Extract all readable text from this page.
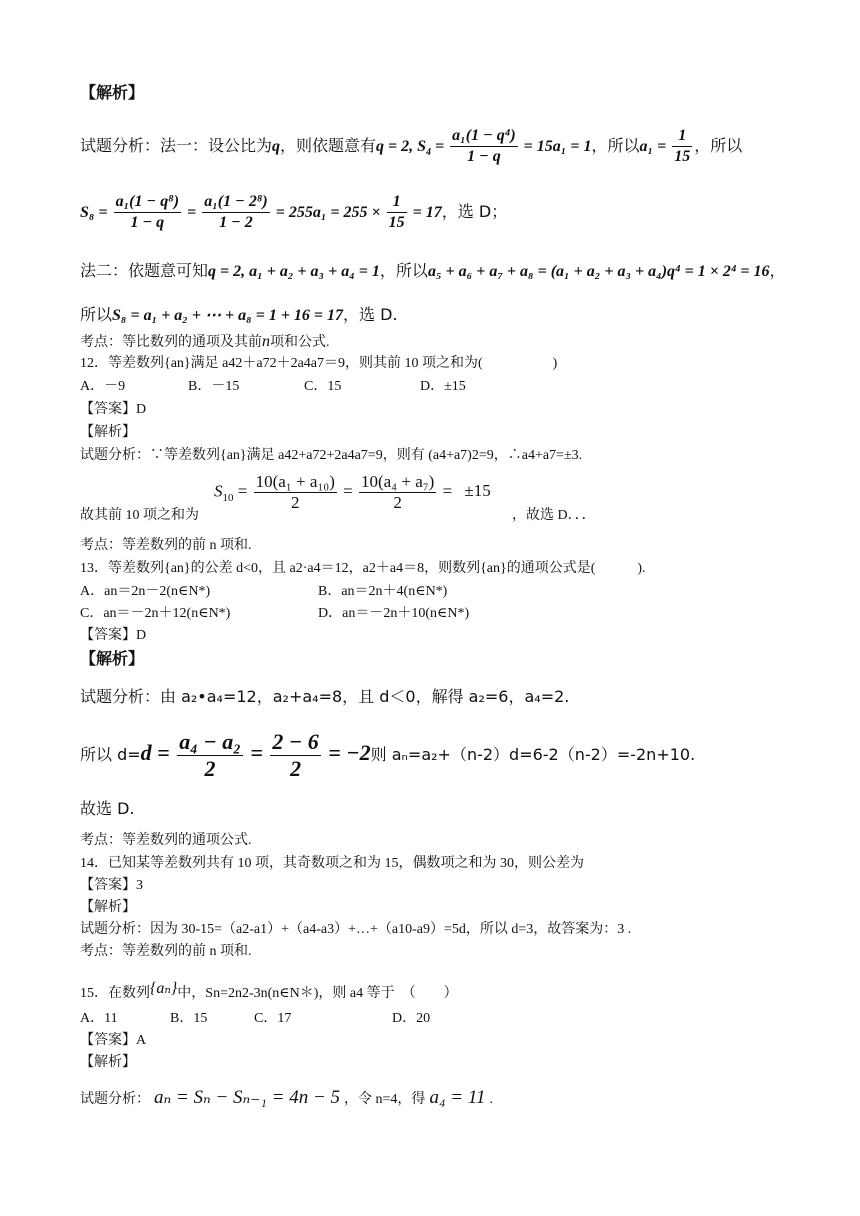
【解析】
试题分析：法一：设公比为q，则依题意有q = 2, $S_4 = \frac{\text{a₁(1 − q⁴)}}{1 - q} = 15a_1 = 1$，所以$a_1 = \frac{1}{15}$ ，所以
$S_8 = \frac{\text{a₁(1 − q⁸)}}{1 - q} = \frac{\text{a₁(1 − 2⁸)}}{1 - 2} = 255a_1 = 255 \times \frac{1}{15} = 17$，选 D；
法二：依题意可知q = 2, a₁ + a₂ + a₃ + a₄ = 1，所以a₅ + a₆ + a₇ + a₈ = (a₁ + a₂ + a₃ + a₄)q⁴ = 1 × 2⁴ = 16，
所以S₈ = a₁ + a₂ + ⋯ + a₈ = 1 + 16 = 17，选 D.
考点：等比数列的通项及其前n项和公式.
12．等差数列{an}满足 a42＋a72＋2a4a7＝9，则其前 10 项之和为(　　　　　)
A．－9	B．－15	C．15	D．±15
【答案】D
【解析】
试题分析：∵等差数列{an}满足 a42+a72+2a4a7=9，则有 (a4+a7)2=9，∴a4+a7=±3.
$S_{10} = \frac{\text{10(a₁ + a₁₀)}}{2} = \frac{\text{10(a₄ + a₇)}}{2} = \pm 15$
故其前 10 项之和为	，故选 D．．．
考点：等差数列的前 n 项和.
13．等差数列{an}的公差 d<0，且 a2·a4＝12，a2＋a4＝8，则数列{an}的通项公式是(　　　).
A．an＝2n－2(n∈N*)	B．an＝2n＋4(n∈N*)
C．an＝－2n＋12(n∈N*)	D．an＝－2n＋10(n∈N*)
【答案】D
【解析】
试题分析：由 a₂•a₄=12，a₂+a₄=8，且 d＜0，解得 a₂=6，a₄=2.
所以 $d=d = \frac{\text{a₄ − a₂}}{2} = \frac{2 - 6}{2} = -2$则 aₙ=a₂+（n-2）d=6-2（n-2）=-2n+10.
故选 D.
考点：等差数列的通项公式.
14．已知某等差数列共有 10 项，其奇数项之和为 15，偶数项之和为 30，则公差为
【答案】3
【解析】
试题分析：因为 30-15=（a2-a1）+（a4-a3）+…+（a10-a9）=5d，所以 d=3，故答案为：3 .
考点：等差数列的前 n 项和.
15．在数列{aₙ}中，Sn=2n2-3n(n∈N＊)，则 a4 等于　（　　）
A．11	B．15	C．17	D．20
【答案】A
【解析】
试题分析： aₙ = Sₙ − Sₙ₋₁ = 4n − 5 ，令 n=4，得 a₄ = 11 .
